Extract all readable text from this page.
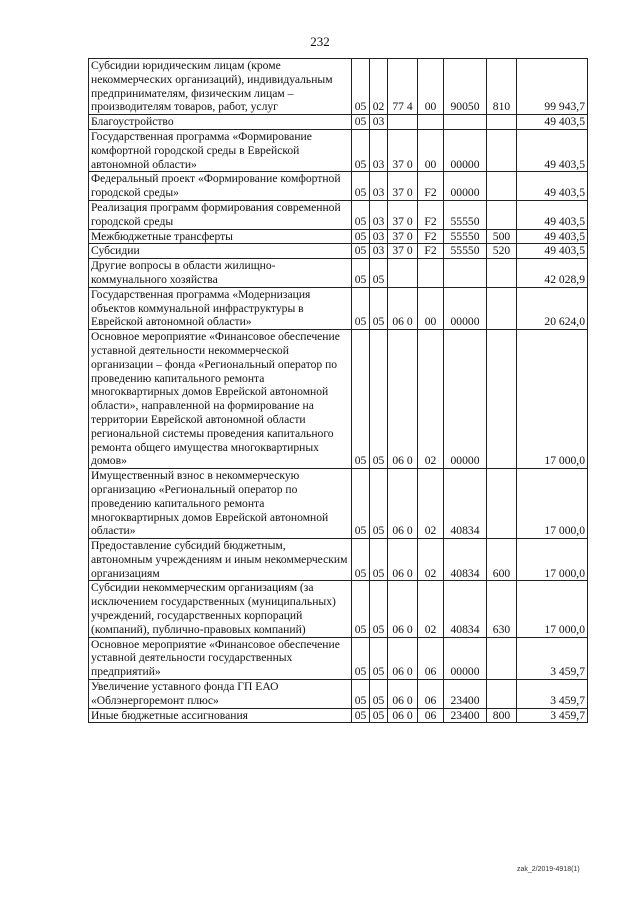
232
Субсидии юридическим лицам (кроме некоммерческих организаций), индивидуальным предпринимателям, физическим лицам – производителям товаров, работ, услуг	05	02	77 4	00	90050	810	99 943,7
Благоустройство	05	03					49 403,5
Государственная программа «Формирование комфортной городской среды в Еврейской автономной области»	05	03	37 0	00	00000		49 403,5
Федеральный проект «Формирование комфортной городской среды»	05	03	37 0	F2	00000		49 403,5
Реализация программ формирования современной городской среды	05	03	37 0	F2	55550		49 403,5
Межбюджетные трансферты	05	03	37 0	F2	55550	500	49 403,5
Субсидии	05	03	37 0	F2	55550	520	49 403,5
Другие вопросы в области жилищно-коммунального хозяйства	05	05					42 028,9
Государственная программа «Модернизация объектов коммунальной инфраструктуры в Еврейской автономной области»	05	05	06 0	00	00000		20 624,0
Основное мероприятие «Финансовое обеспечение уставной деятельности некоммерческой организации – фонда «Региональный оператор по проведению капитального ремонта многоквартирных домов Еврейской автономной области», направленной на формирование на территории Еврейской автономной области региональной системы проведения капитального ремонта общего имущества многоквартирных домов»	05	05	06 0	02	00000		17 000,0
Имущественный взнос в некоммерческую организацию «Региональный оператор по проведению капитального ремонта многоквартирных домов Еврейской автономной области»	05	05	06 0	02	40834		17 000,0
Предоставление субсидий бюджетным, автономным учреждениям и иным некоммерческим организациям	05	05	06 0	02	40834	600	17 000,0
Субсидии некоммерческим организациям (за исключением государственных (муниципальных) учреждений, государственных корпораций (компаний), публично-правовых компаний)	05	05	06 0	02	40834	630	17 000,0
Основное мероприятие «Финансовое обеспечение уставной деятельности государственных предприятий»	05	05	06 0	06	00000		3 459,7
Увеличение уставного фонда ГП ЕАО «Облэнергоремонт плюс»	05	05	06 0	06	23400		3 459,7
Иные бюджетные ассигнования	05	05	06 0	06	23400	800	3 459,7
zak_2/2019-4918(1)
